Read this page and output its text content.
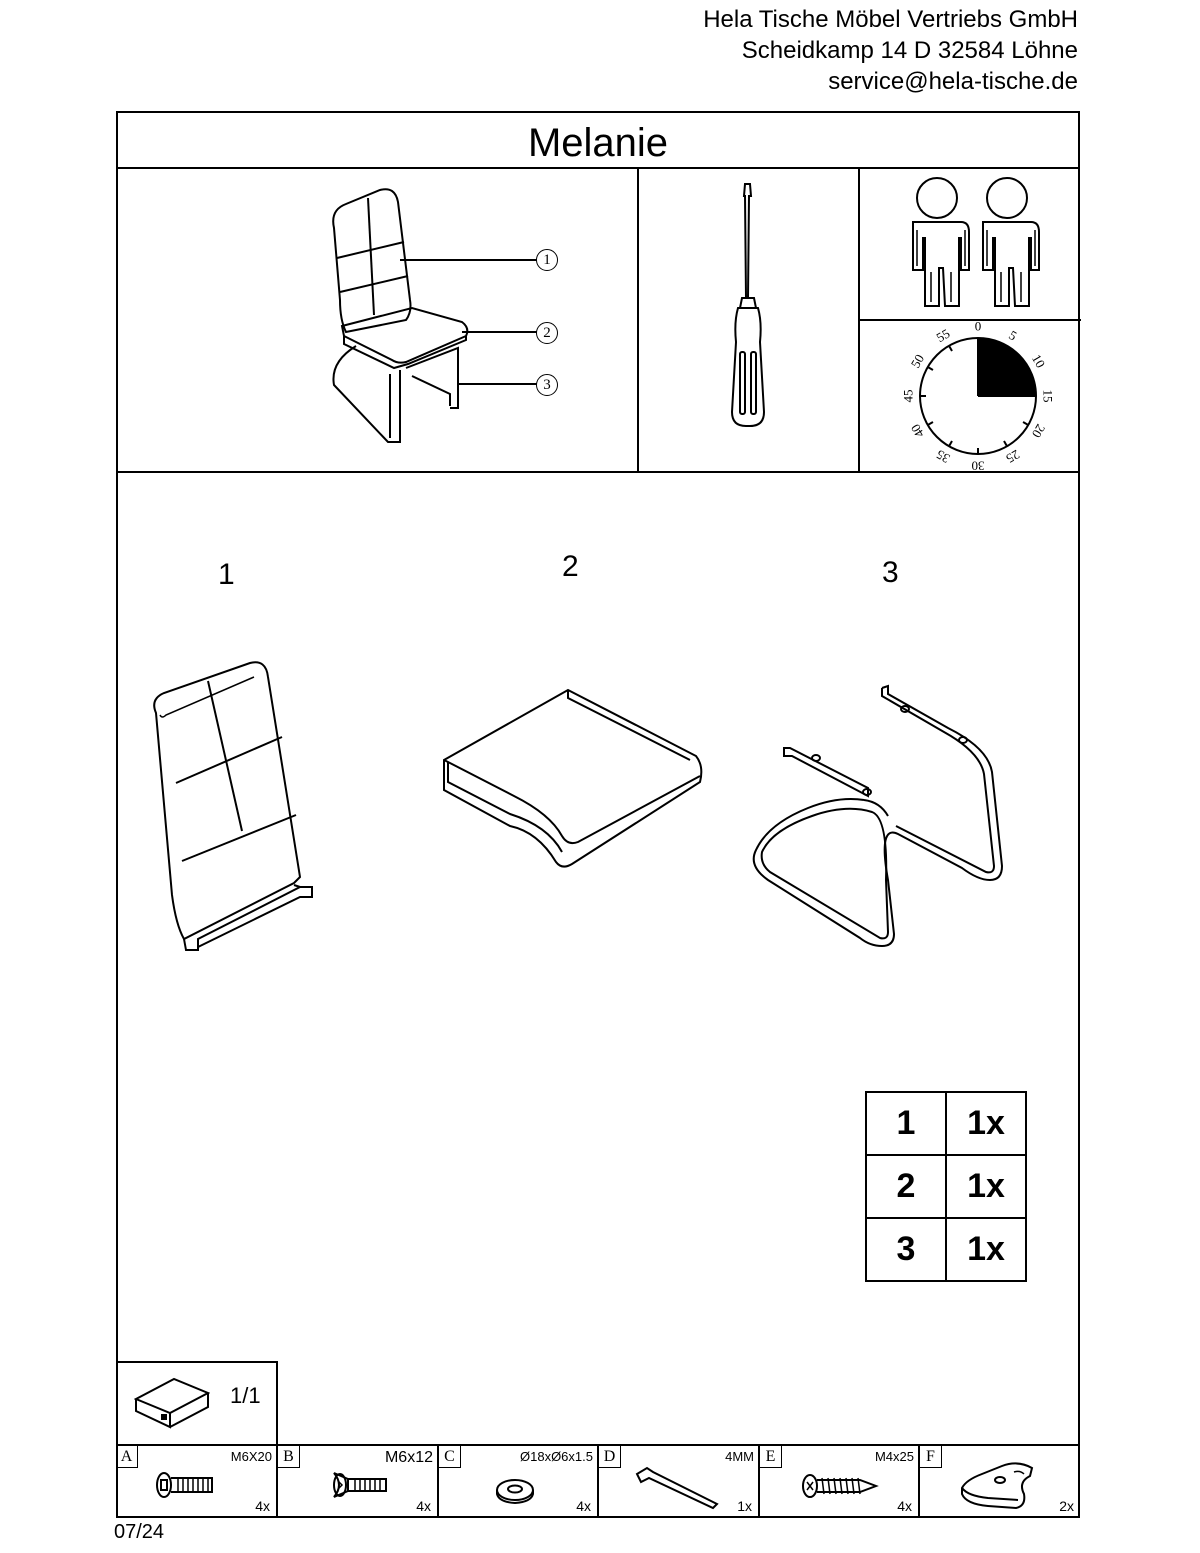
Hela Tische Möbel Vertriebs GmbH
Scheidkamp 14 D 32584 Löhne
service@hela-tische.de
Melanie
1
2
3
0
5
10
15
20
25
30
35
40
45
50
55
1	2	3
1	1x
2	1x
3	1x
1/1
A	M6X20
4x
B	M6x12
4x
C	Ø18xØ6x1.5
4x
D	4MM
1x
E	M4x25
4x
F
2x
07/24
